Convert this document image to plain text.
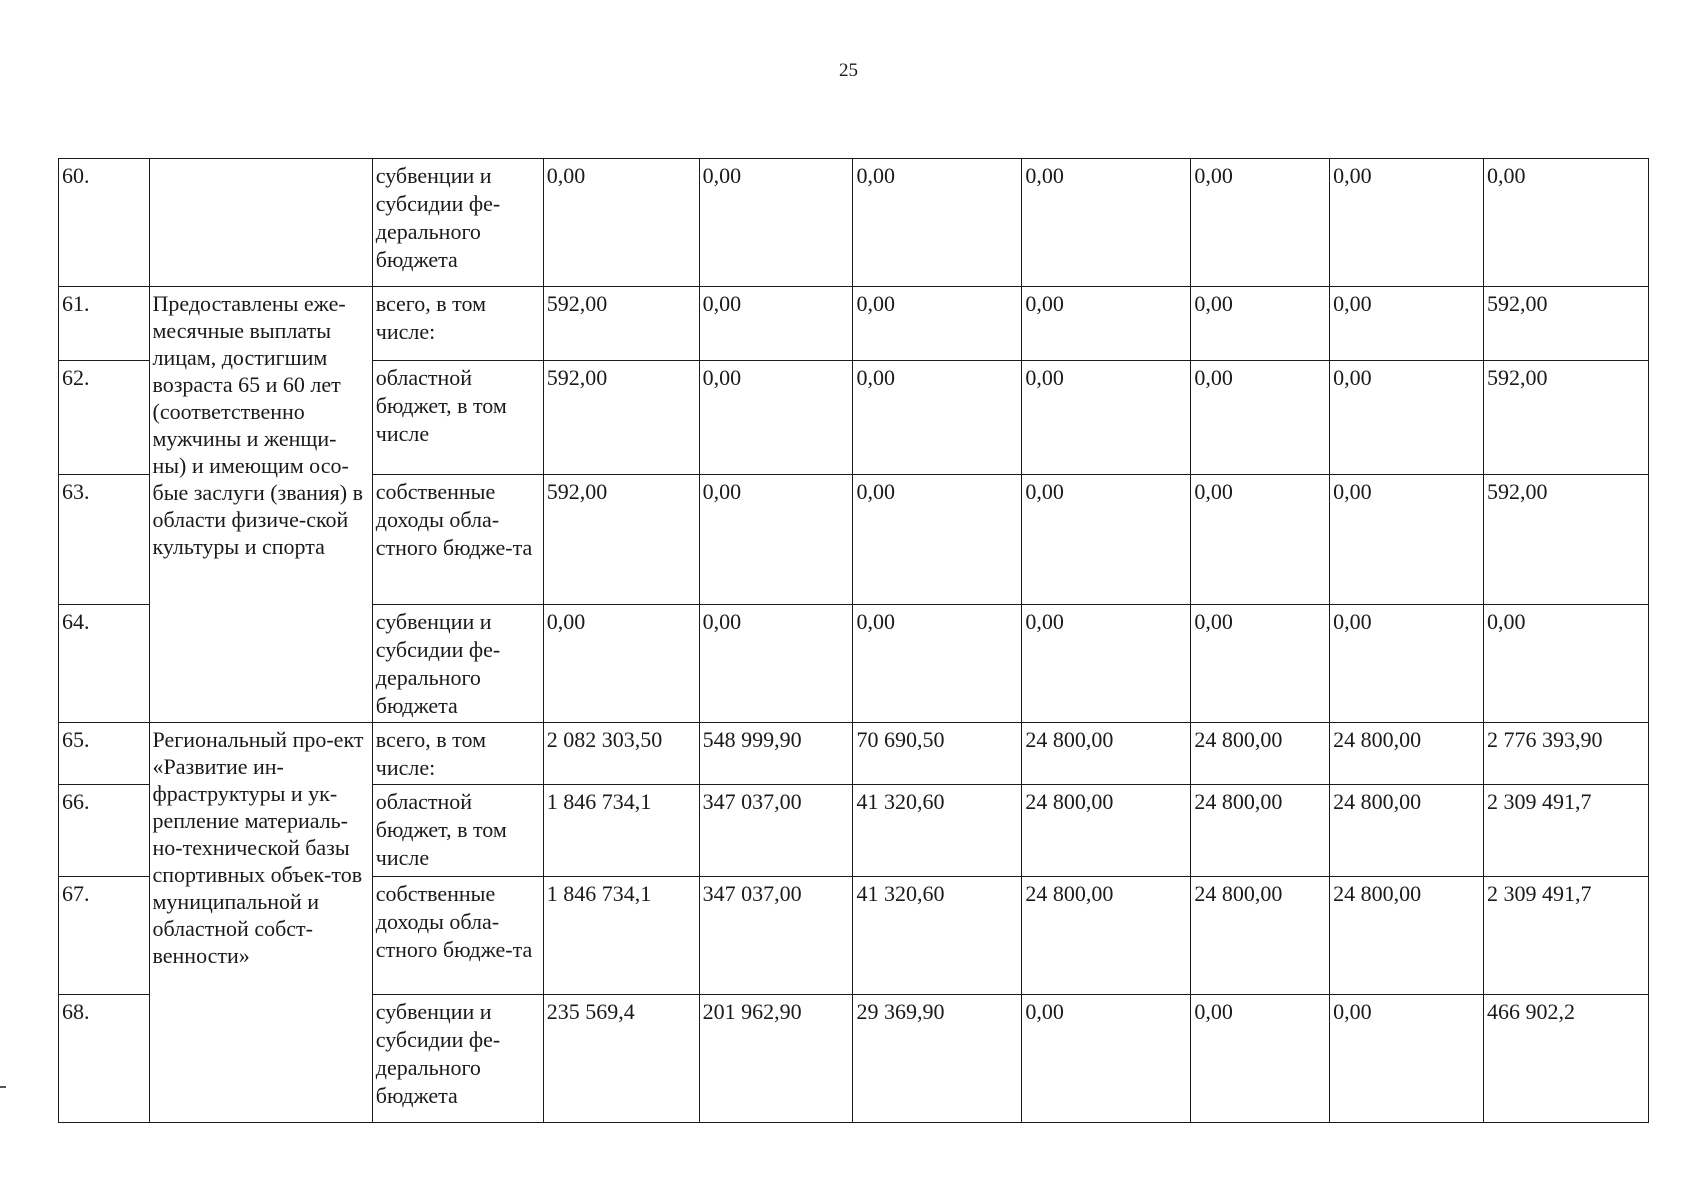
25
60.		субвенции и субсидии фе-дерального бюджета	0,00	0,00	0,00	0,00	0,00	0,00	0,00
61.	Предоставлены еже-месячные выплаты лицам, достигшим возраста 65 и 60 лет (соответственно мужчины и женщи-ны) и имеющим осо-бые заслуги (звания) в области физиче-ской культуры и спорта	всего, в том числе:	592,00	0,00	0,00	0,00	0,00	0,00	592,00
62.		областной бюджет, в том числе	592,00	0,00	0,00	0,00	0,00	0,00	592,00
63.		собственные доходы обла-стного бюдже-та	592,00	0,00	0,00	0,00	0,00	0,00	592,00
64.		субвенции и субсидии фе-дерального бюджета	0,00	0,00	0,00	0,00	0,00	0,00	0,00
65.	Региональный про-ект «Развитие ин-фраструктуры и ук-репление материаль-но-технической базы спортивных объек-тов муниципальной и областной собст-венности»	всего, в том числе:	2 082 303,50	548 999,90	70 690,50	24 800,00	24 800,00	24 800,00	2 776 393,90
66.		областной бюджет, в том числе	1 846 734,1	347 037,00	41 320,60	24 800,00	24 800,00	24 800,00	2 309 491,7
67.		собственные доходы обла-стного бюдже-та	1 846 734,1	347 037,00	41 320,60	24 800,00	24 800,00	24 800,00	2 309 491,7
68.		субвенции и субсидии фе-дерального бюджета	235 569,4	201 962,90	29 369,90	0,00	0,00	0,00	466 902,2
